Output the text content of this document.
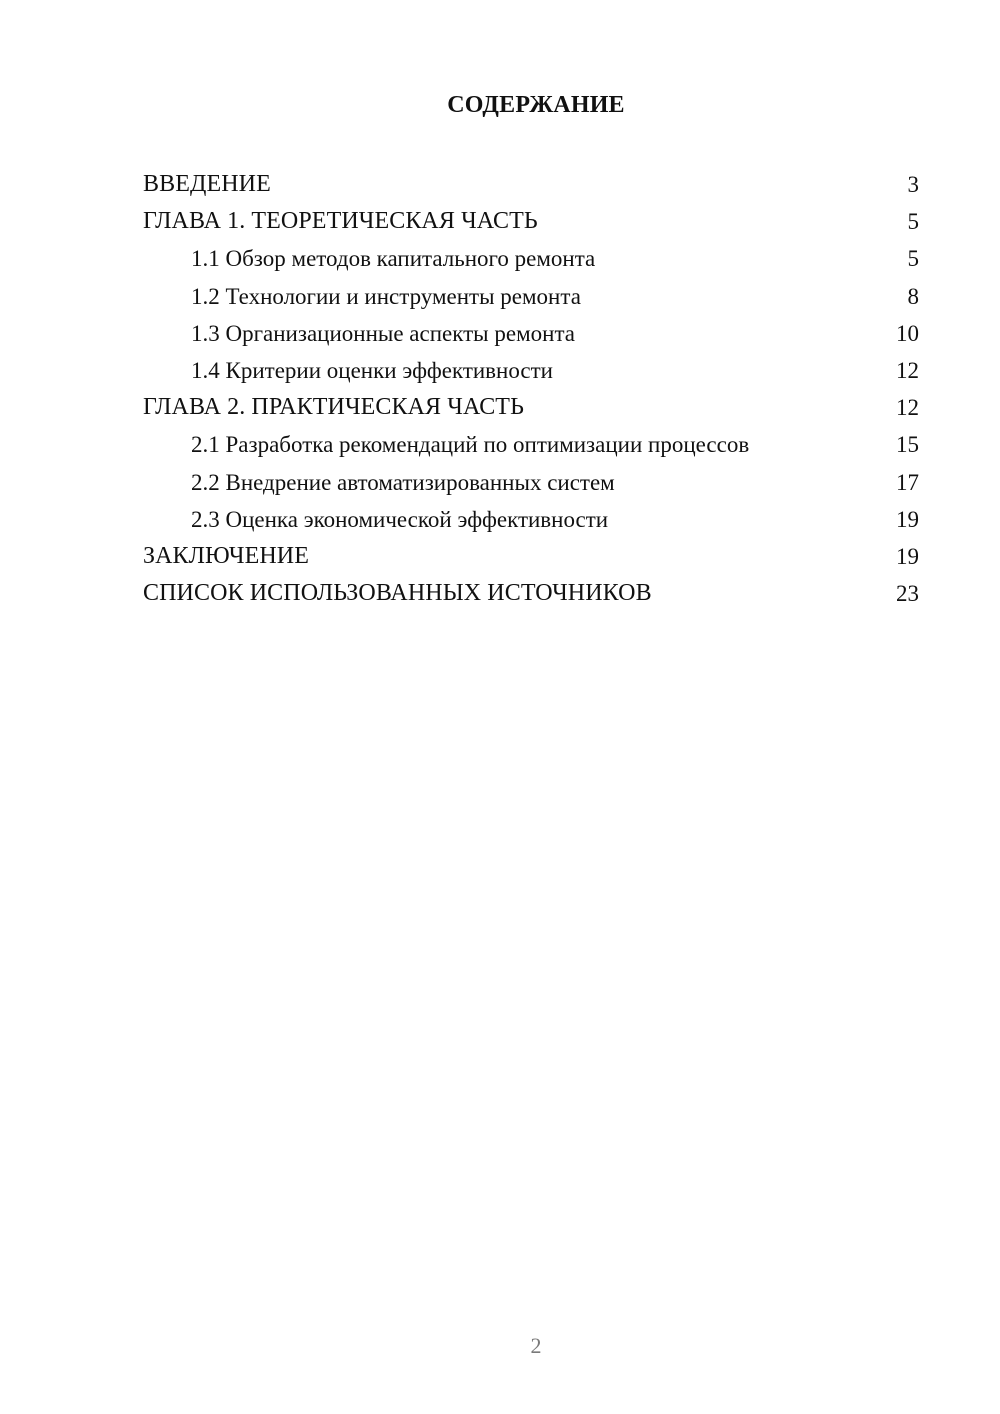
СОДЕРЖАНИЕ
ВВЕДЕНИЕ	3
ГЛАВА 1. ТЕОРЕТИЧЕСКАЯ ЧАСТЬ	5
1.1 Обзор методов капитального ремонта	5
1.2 Технологии и инструменты ремонта	8
1.3 Организационные аспекты ремонта	10
1.4 Критерии оценки эффективности	12
ГЛАВА 2. ПРАКТИЧЕСКАЯ ЧАСТЬ	12
2.1 Разработка рекомендаций по оптимизации процессов	15
2.2 Внедрение автоматизированных систем	17
2.3 Оценка экономической эффективности	19
ЗАКЛЮЧЕНИЕ	19
СПИСОК ИСПОЛЬЗОВАННЫХ ИСТОЧНИКОВ	23
2
